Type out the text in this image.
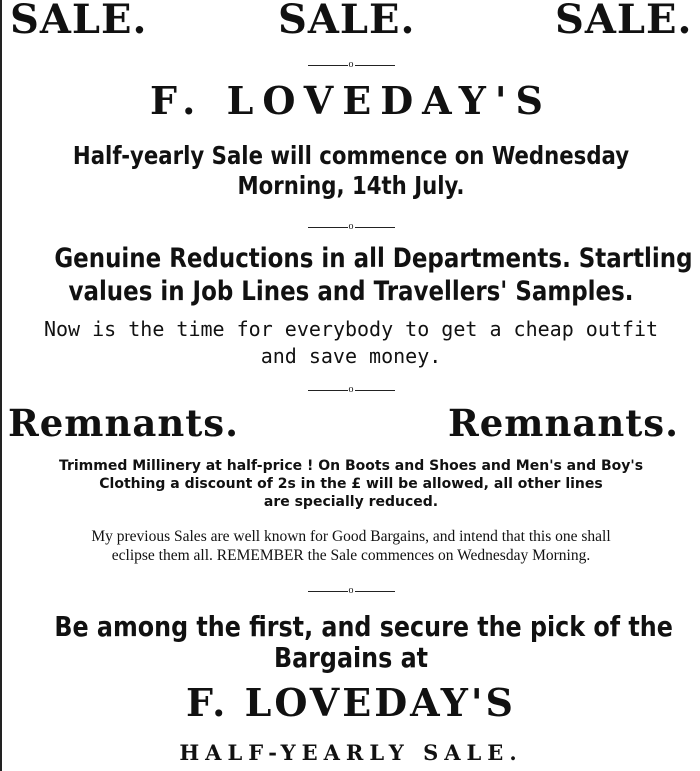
SALE.	SALE.	SALE.
o
F. LOVEDAY'S
Half-yearly Sale will commence on Wednesday
Morning, 14th July.
o
Genuine Reductions in all Departments. Startling
values in Job Lines and Travellers' Samples.
Now is the time for everybody to get a cheap outfit
and save money.
o
Remnants.	Remnants.
Trimmed Millinery at half-price ! On Boots and Shoes and Men's and Boy's
Clothing a discount of 2s in the £ will be allowed, all other lines
are specially reduced.
My previous Sales are well known for Good Bargains, and intend that this one shall
eclipse them all. REMEMBER the Sale commences on Wednesday Morning.
o
Be among the first, and secure the pick of the
Bargains at
F. LOVEDAY'S
HALF-YEARLY SALE.
